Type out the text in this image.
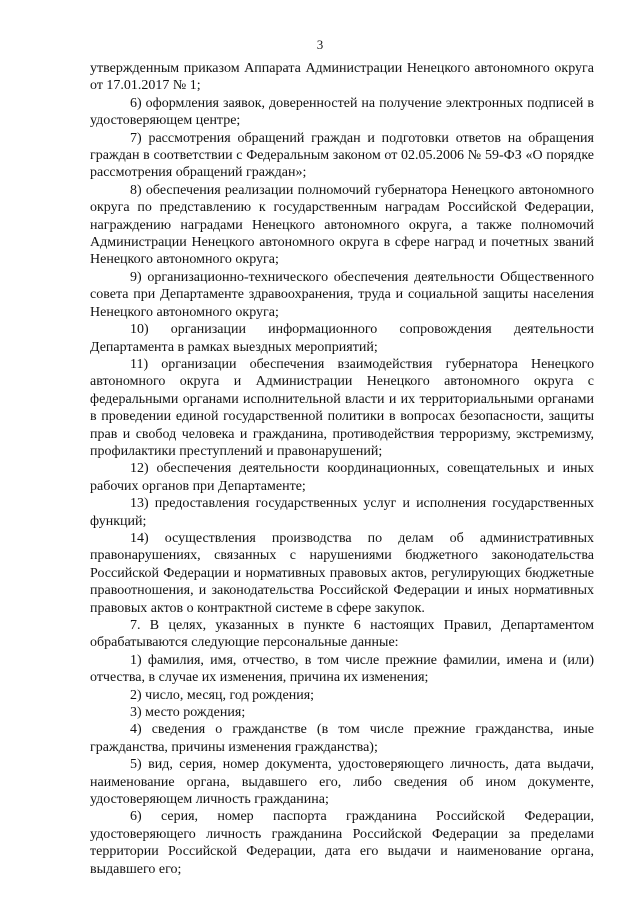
3

утвержденным приказом Аппарата Администрации Ненецкого автономного округа от 17.01.2017 № 1;

6) оформления заявок, доверенностей на получение электронных подписей в удостоверяющем центре;

7) рассмотрения обращений граждан и подготовки ответов на обращения граждан в соответствии с Федеральным законом от 02.05.2006 № 59-ФЗ «О порядке рассмотрения обращений граждан»;

8) обеспечения реализации полномочий губернатора Ненецкого автономного округа по представлению к государственным наградам Российской Федерации, награждению наградами Ненецкого автономного округа, а также полномочий Администрации Ненецкого автономного округа в сфере наград и почетных званий Ненецкого автономного округа;

9) организационно-технического обеспечения деятельности Общественного совета при Департаменте здравоохранения, труда и социальной защиты населения Ненецкого автономного округа;

10) организации информационного сопровождения деятельности Департамента в рамках выездных мероприятий;

11) организации обеспечения взаимодействия губернатора Ненецкого автономного округа и Администрации Ненецкого автономного округа с федеральными органами исполнительной власти и их территориальными органами в проведении единой государственной политики в вопросах безопасности, защиты прав и свобод человека и гражданина, противодействия терроризму, экстремизму, профилактики преступлений и правонарушений;

12) обеспечения деятельности координационных, совещательных и иных рабочих органов при Департаменте;

13) предоставления государственных услуг и исполнения государственных функций;

14) осуществления производства по делам об административных правонарушениях, связанных с нарушениями бюджетного законодательства Российской Федерации и нормативных правовых актов, регулирующих бюджетные правоотношения, и законодательства Российской Федерации и иных нормативных правовых актов о контрактной системе в сфере закупок.

7. В целях, указанных в пункте 6 настоящих Правил, Департаментом обрабатываются следующие персональные данные:

1) фамилия, имя, отчество, в том числе прежние фамилии, имена и (или) отчества, в случае их изменения, причина их изменения;

2) число, месяц, год рождения;

3) место рождения;

4) сведения о гражданстве (в том числе прежние гражданства, иные гражданства, причины изменения гражданства);

5) вид, серия, номер документа, удостоверяющего личность, дата выдачи, наименование органа, выдавшего его, либо сведения об ином документе, удостоверяющем личность гражданина;

6) серия, номер паспорта гражданина Российской Федерации, удостоверяющего личность гражданина Российской Федерации за пределами территории Российской Федерации, дата его выдачи и наименование органа, выдавшего его;
